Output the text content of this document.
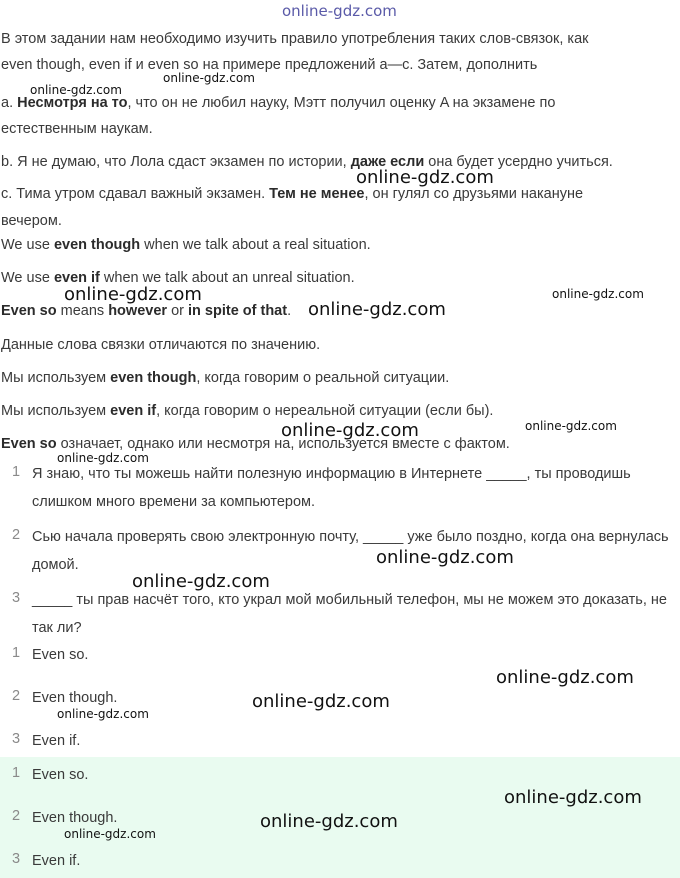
online-gdz.com
В этом задании нам необходимо изучить правило употребления таких слов-связок, как
even though, even if и even so на примере предложений a—c. Затем, дополнить
a. Несмотря на то, что он не любил науку, Мэтт получил оценку A на экзамене по
естественным наукам.
b. Я не думаю, что Лола сдаст экзамен по истории, даже если она будет усердно учиться.
c. Тима утром сдавал важный экзамен. Тем не менее, он гулял со друзьями накануне
вечером.
We use even though when we talk about a real situation.
We use even if when we talk about an unreal situation.
Even so means however or in spite of that.
Данные слова связки отличаются по значению.
Мы используем even though, когда говорим о реальной ситуации.
Мы используем even if, когда говорим о нереальной ситуации (если бы).
Even so означает, однако или несмотря на, используется вместе с фактом.
1 Я знаю, что ты можешь найти полезную информацию в Интернете _____, ты проводишь слишком много времени за компьютером.
2 Сью начала проверять свою электронную почту, _____ уже было поздно, когда она вернулась домой.
3 _____ ты прав насчёт того, кто украл мой мобильный телефон, мы не можем это доказать, не так ли?
1 Even so.
2 Even though.
3 Even if.
1 Even so.
2 Even though.
3 Even if.
online-gdz.com
online-gdz.com
online-gdz.com
online-gdz.com
online-gdz.com
online-gdz.com
online-gdz.com	online-gdz.com
online-gdz.com
online-gdz.com
online-gdz.com
online-gdz.com
online-gdz.com
online-gdz.com
online-gdz.com
online-gdz.com
online-gdz.com
